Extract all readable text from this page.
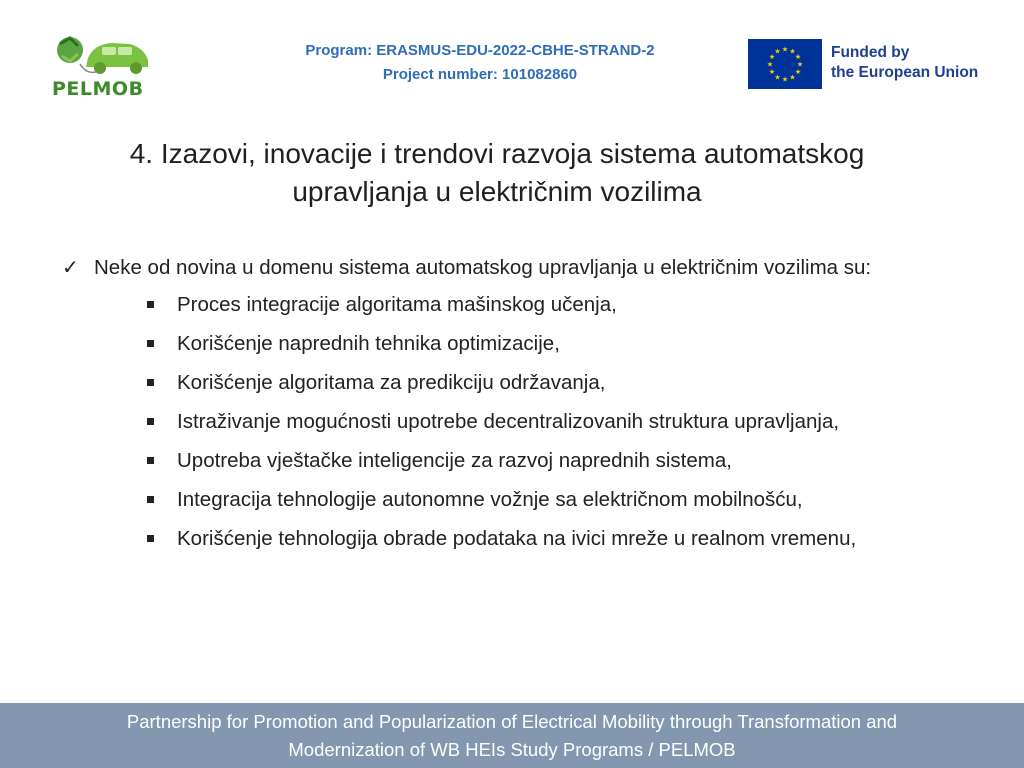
PELMOB
Program: ERASMUS-EDU-2022-CBHE-STRAND-2
Project number: 101082860
★
★
★
★
★
★
★
★
★ ★ ★
★ Funded by
the European Union
4. Izazovi, inovacije i trendovi razvoja sistema automatskog
upravljanja u električnim vozilima
✓ Neke od novina u domenu sistema automatskog upravljanja u električnim vozilima su:
Proces integracije algoritama mašinskog učenja,
Korišćenje naprednih tehnika optimizacije,
Korišćenje algoritama za predikciju održavanja,
Istraživanje mogućnosti upotrebe decentralizovanih struktura upravljanja,
Upotreba vještačke inteligencije za razvoj naprednih sistema,
Integracija tehnologije autonomne vožnje sa električnom mobilnošću,
Korišćenje tehnologija obrade podataka na ivici mreže u realnom vremenu,
Partnership for Promotion and Popularization of Electrical Mobility through Transformation and
Modernization of WB HEIs Study Programs / PELMOB
